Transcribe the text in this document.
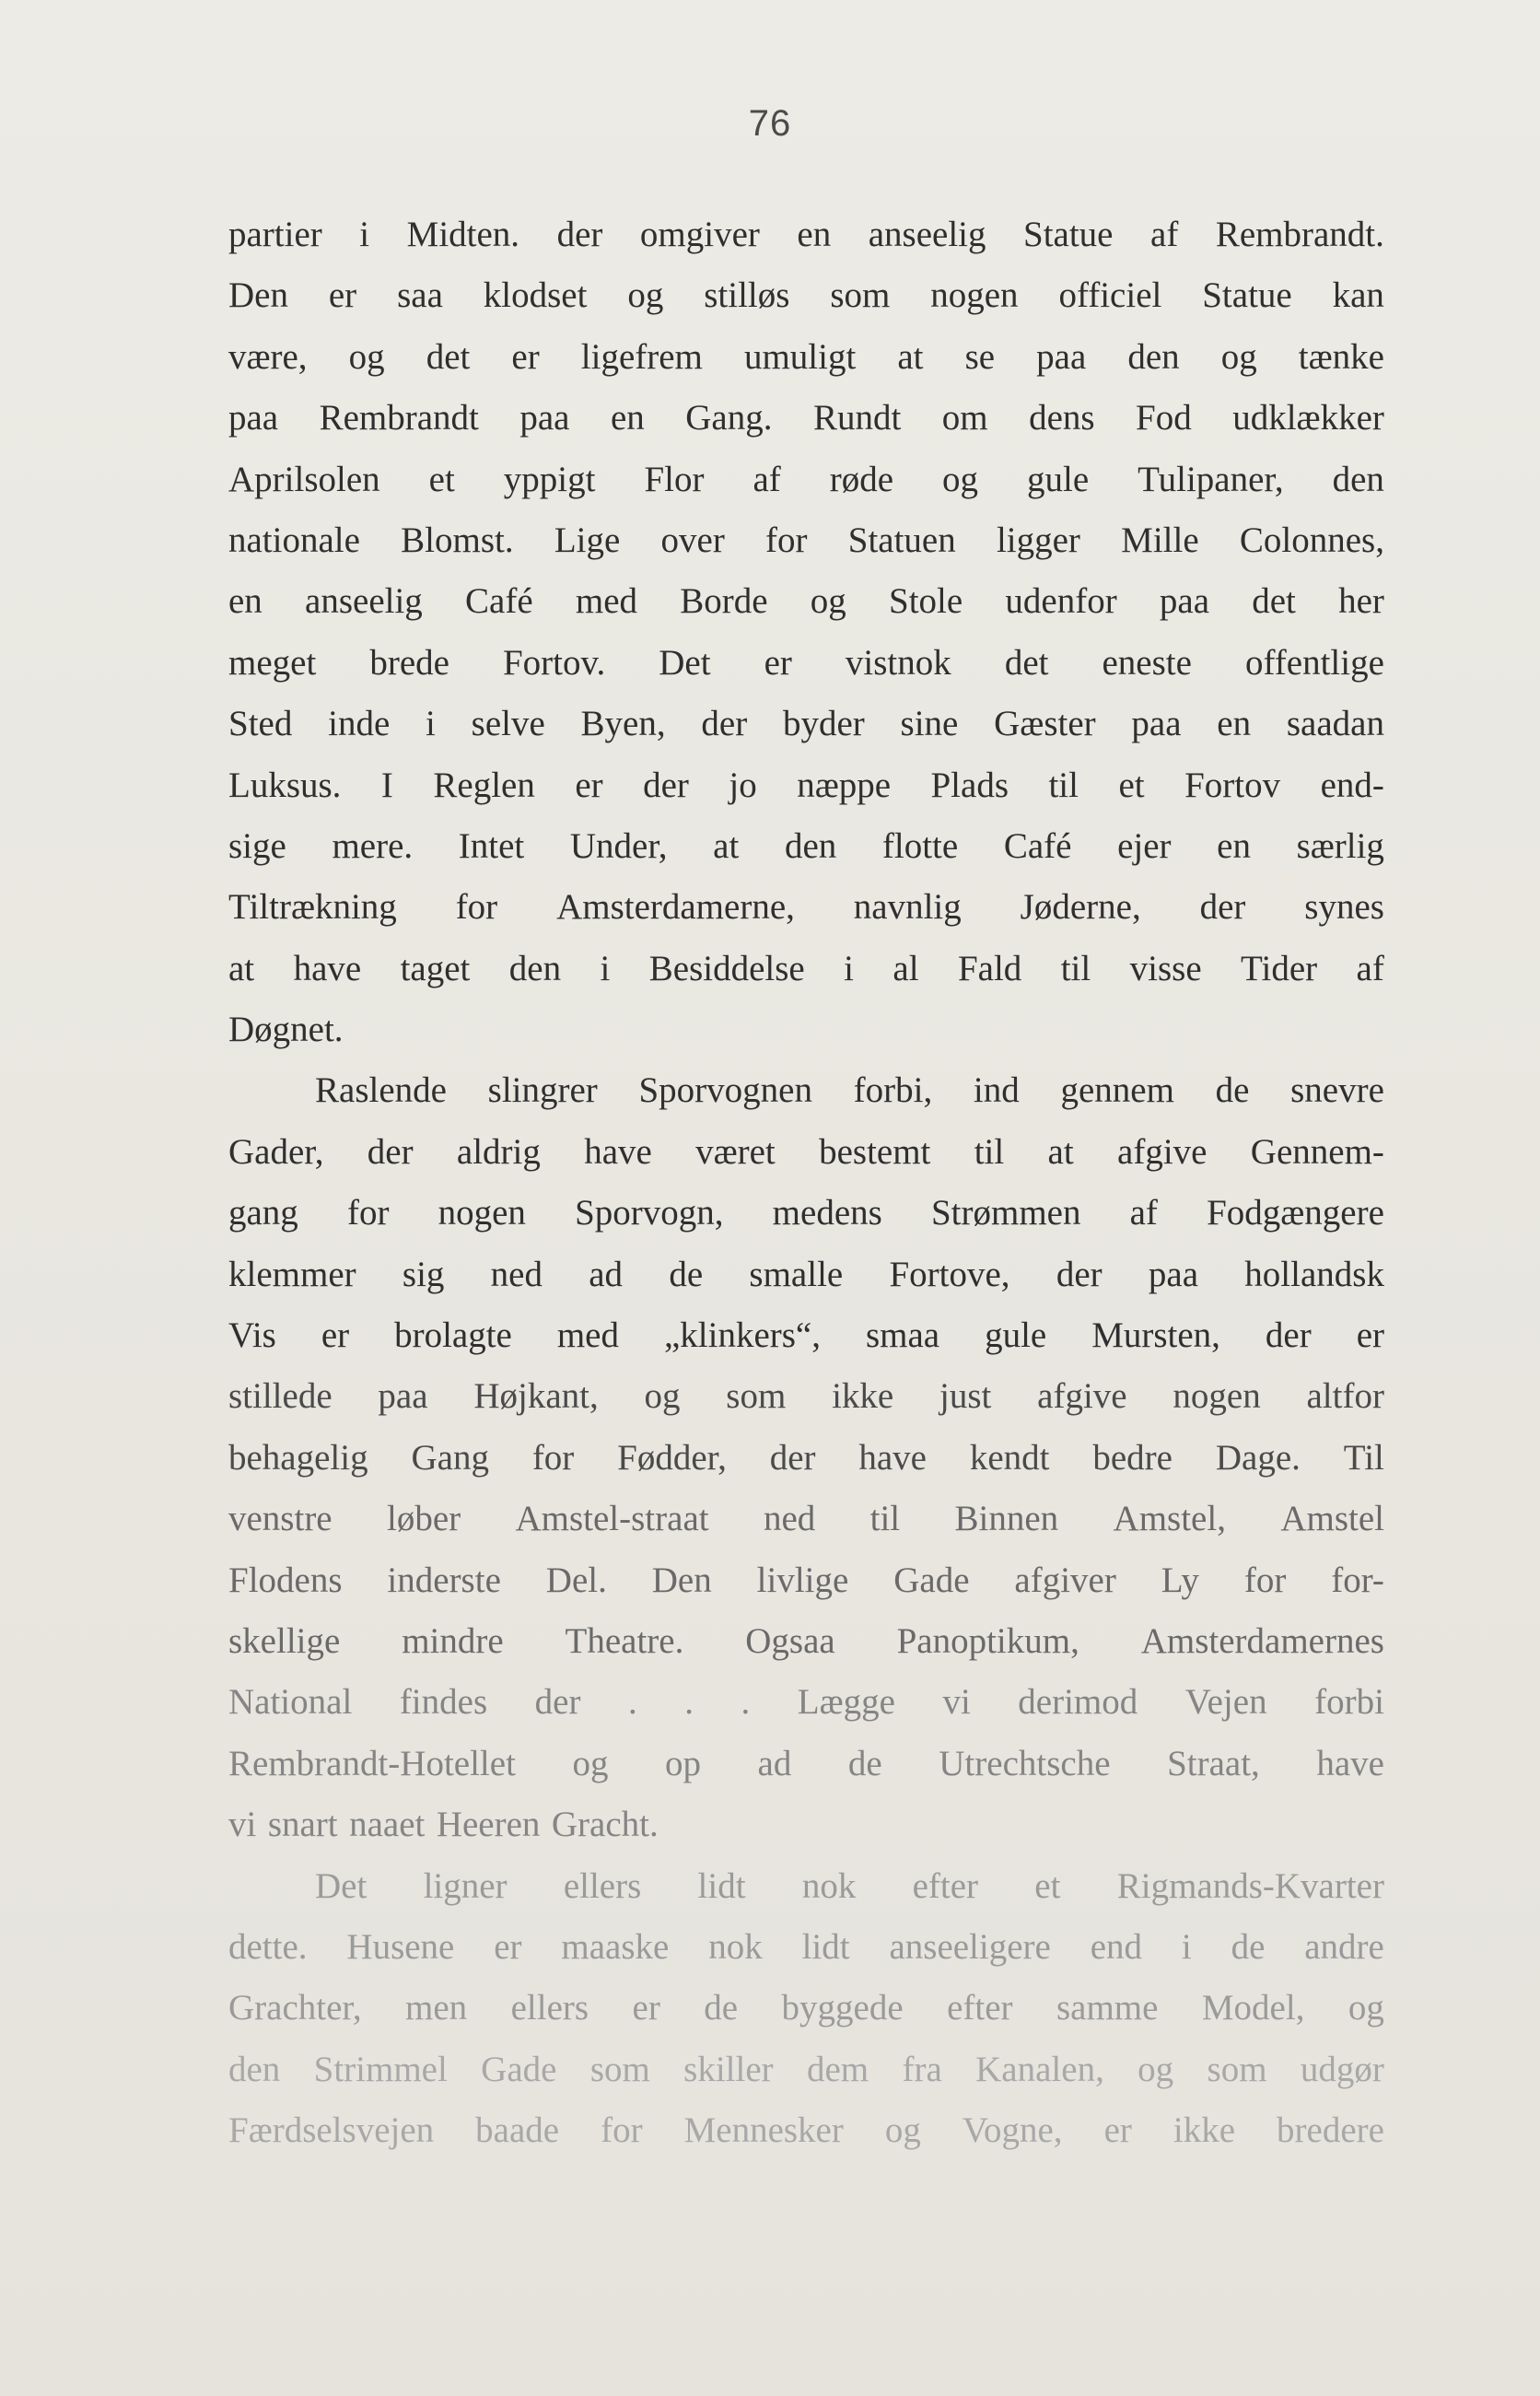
76
partier i Midten. der omgiver en anseelig Statue af Rembrandt.
Den er saa klodset og stilløs som nogen officiel Statue kan
være, og det er ligefrem umuligt at se paa den og tænke
paa Rembrandt paa en Gang. Rundt om dens Fod udklækker
Aprilsolen et yppigt Flor af røde og gule Tulipaner, den
nationale Blomst. Lige over for Statuen ligger Mille Colonnes,
en anseelig Café med Borde og Stole udenfor paa det her
meget brede Fortov. Det er vistnok det eneste offentlige
Sted inde i selve Byen, der byder sine Gæster paa en saadan
Luksus. I Reglen er der jo næppe Plads til et Fortov end-
sige mere. Intet Under, at den flotte Café ejer en særlig
Tiltrækning for Amsterdamerne, navnlig Jøderne, der synes
at have taget den i Besiddelse i al Fald til visse Tider af
Døgnet.
Raslende slingrer Sporvognen forbi, ind gennem de snevre
Gader, der aldrig have været bestemt til at afgive Gennem-
gang for nogen Sporvogn, medens Strømmen af Fodgængere
klemmer sig ned ad de smalle Fortove, der paa hollandsk
Vis er brolagte med „klinkers“, smaa gule Mursten, der er
stillede paa Højkant, og som ikke just afgive nogen altfor
behagelig Gang for Fødder, der have kendt bedre Dage. Til
venstre løber Amstel-straat ned til Binnen Amstel, Amstel
Flodens inderste Del. Den livlige Gade afgiver Ly for for-
skellige mindre Theatre. Ogsaa Panoptikum, Amsterdamernes
National findes der . . . Lægge vi derimod Vejen forbi
Rembrandt-Hotellet og op ad de Utrechtsche Straat, have
vi snart naaet Heeren Gracht.
Det ligner ellers lidt nok efter et Rigmands-Kvarter
dette. Husene er maaske nok lidt anseeligere end i de andre
Grachter, men ellers er de byggede efter samme Model, og
den Strimmel Gade som skiller dem fra Kanalen, og som udgør
Færdselsvejen baade for Mennesker og Vogne, er ikke bredere
